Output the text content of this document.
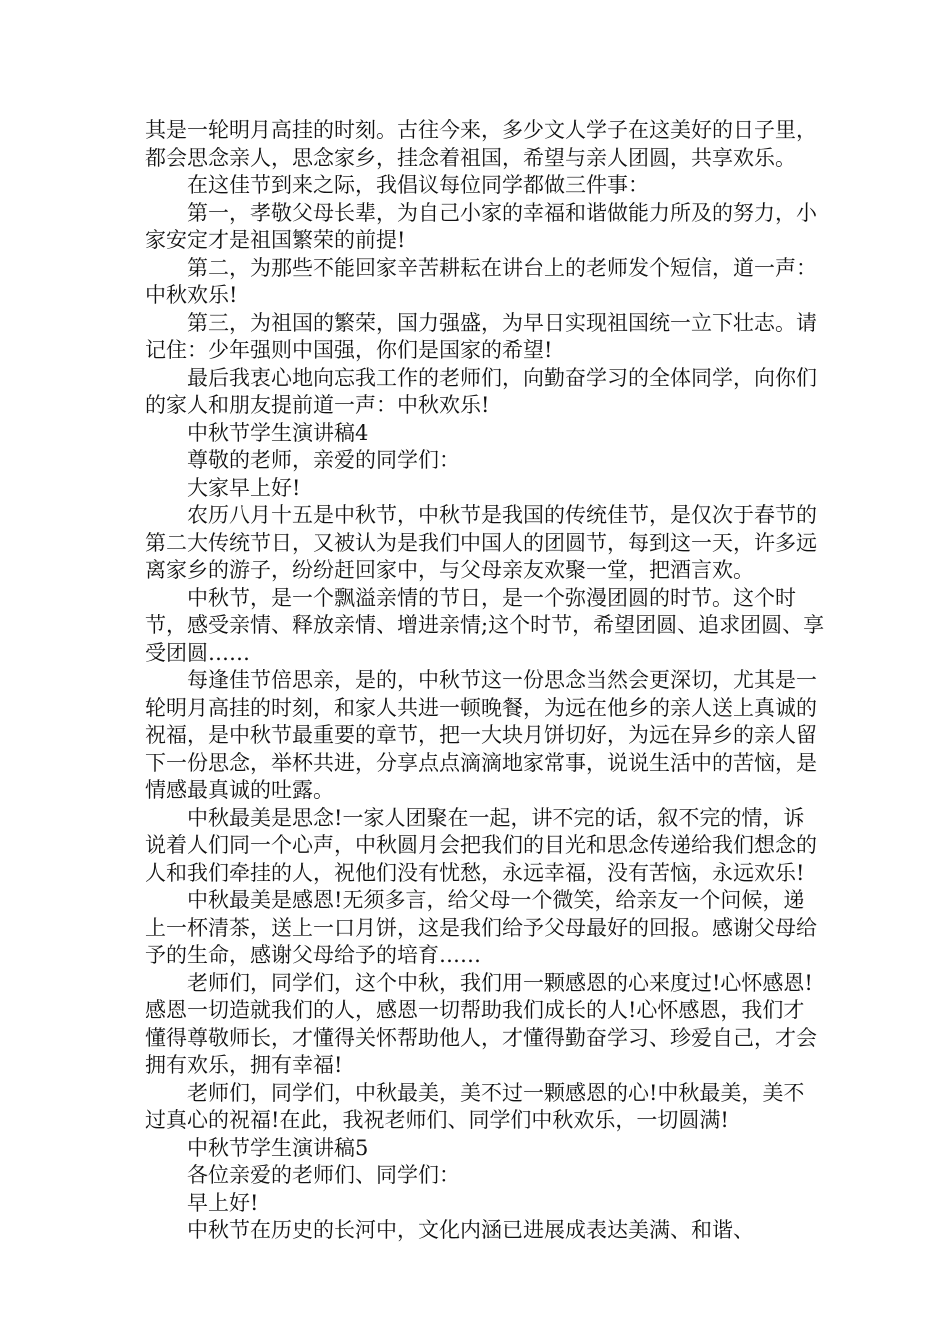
其是一轮明月高挂的时刻。古往今来，多少文人学子在这美好的日子里，都会思念亲人，思念家乡，挂念着祖国，希望与亲人团圆，共享欢乐。

在这佳节到来之际，我倡议每位同学都做三件事：

第一，孝敬父母长辈，为自己小家的幸福和谐做能力所及的努力，小家安定才是祖国繁荣的前提!

第二，为那些不能回家辛苦耕耘在讲台上的老师发个短信，道一声：中秋欢乐!

第三，为祖国的繁荣，国力强盛，为早日实现祖国统一立下壮志。请记住：少年强则中国强，你们是国家的希望!

最后我衷心地向忘我工作的老师们，向勤奋学习的全体同学，向你们的家人和朋友提前道一声：中秋欢乐!

中秋节学生演讲稿4

尊敬的老师，亲爱的同学们：

大家早上好!

农历八月十五是中秋节，中秋节是我国的传统佳节，是仅次于春节的第二大传统节日，又被认为是我们中国人的团圆节，每到这一天，许多远离家乡的游子，纷纷赶回家中，与父母亲友欢聚一堂，把酒言欢。

中秋节，是一个飘溢亲情的节日，是一个弥漫团圆的时节。这个时节，感受亲情、释放亲情、增进亲情;这个时节，希望团圆、追求团圆、享受团圆……

每逢佳节倍思亲，是的，中秋节这一份思念当然会更深切，尤其是一轮明月高挂的时刻，和家人共进一顿晚餐，为远在他乡的亲人送上真诚的祝福，是中秋节最重要的章节，把一大块月饼切好，为远在异乡的亲人留下一份思念，举杯共进，分享点点滴滴地家常事，说说生活中的苦恼，是情感最真诚的吐露。

中秋最美是思念!一家人团聚在一起，讲不完的话，叙不完的情，诉说着人们同一个心声，中秋圆月会把我们的目光和思念传递给我们想念的人和我们牵挂的人，祝他们没有忧愁，永远幸福，没有苦恼，永远欢乐!

中秋最美是感恩!无须多言，给父母一个微笑，给亲友一个问候，递上一杯清茶，送上一口月饼，这是我们给予父母最好的回报。感谢父母给予的生命，感谢父母给予的培育……

老师们，同学们，这个中秋，我们用一颗感恩的心来度过!心怀感恩!感恩一切造就我们的人，感恩一切帮助我们成长的人!心怀感恩，我们才懂得尊敬师长，才懂得关怀帮助他人，才懂得勤奋学习、珍爱自己，才会拥有欢乐，拥有幸福!

老师们，同学们，中秋最美，美不过一颗感恩的心!中秋最美，美不过真心的祝福!在此，我祝老师们、同学们中秋欢乐，一切圆满!

中秋节学生演讲稿5

各位亲爱的老师们、同学们：

早上好!

中秋节在历史的长河中，文化内涵已进展成表达美满、和谐、
